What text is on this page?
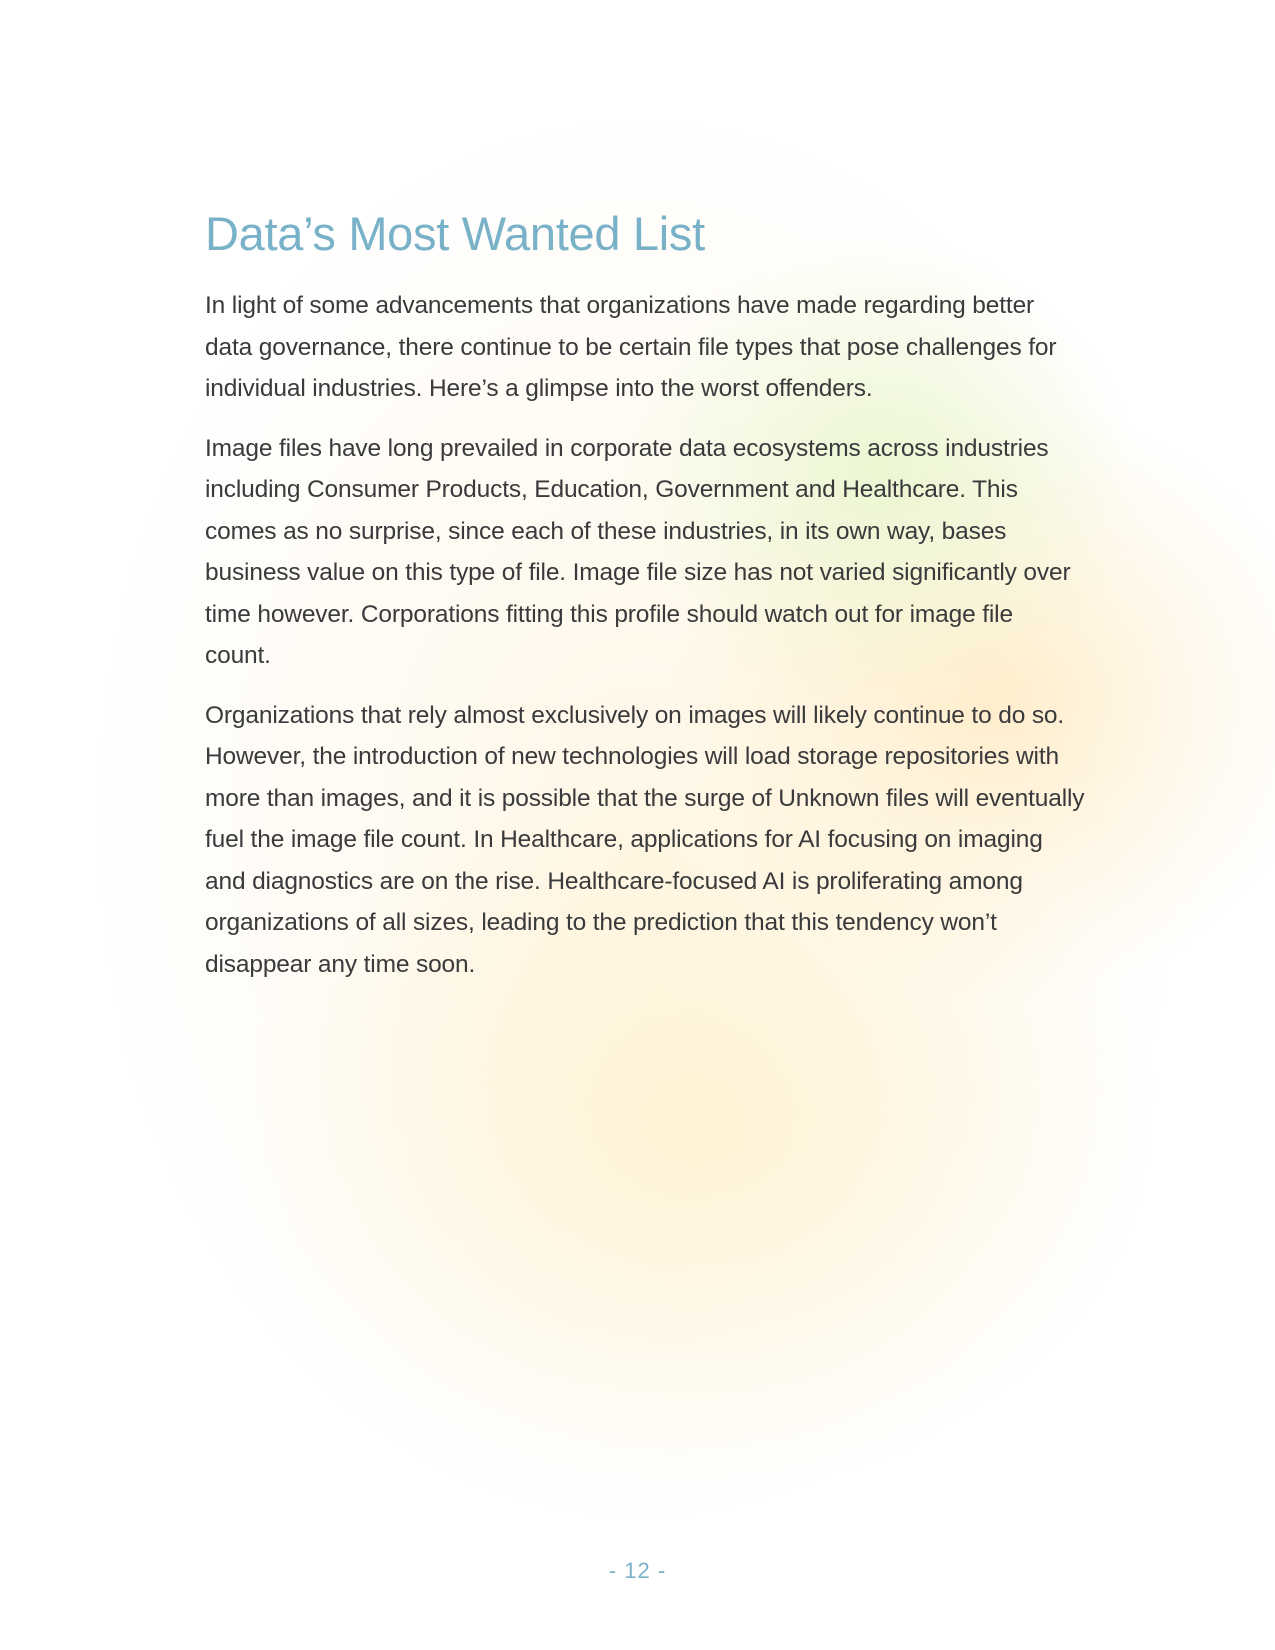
Data’s Most Wanted List

In light of some advancements that organizations have made regarding better data governance, there continue to be certain file types that pose challenges for individual industries. Here’s a glimpse into the worst offenders.

Image files have long prevailed in corporate data ecosystems across industries including Consumer Products, Education, Government and Healthcare. This comes as no surprise, since each of these industries, in its own way, bases business value on this type of file. Image file size has not varied significantly over time however. Corporations fitting this profile should watch out for image file count.

Organizations that rely almost exclusively on images will likely continue to do so. However, the introduction of new technologies will load storage repositories with more than images, and it is possible that the surge of Unknown files will eventually fuel the image file count. In Healthcare, applications for AI focusing on imaging and diagnostics are on the rise. Healthcare-focused AI is proliferating among organizations of all sizes, leading to the prediction that this tendency won’t disappear any time soon.

- 12 -
